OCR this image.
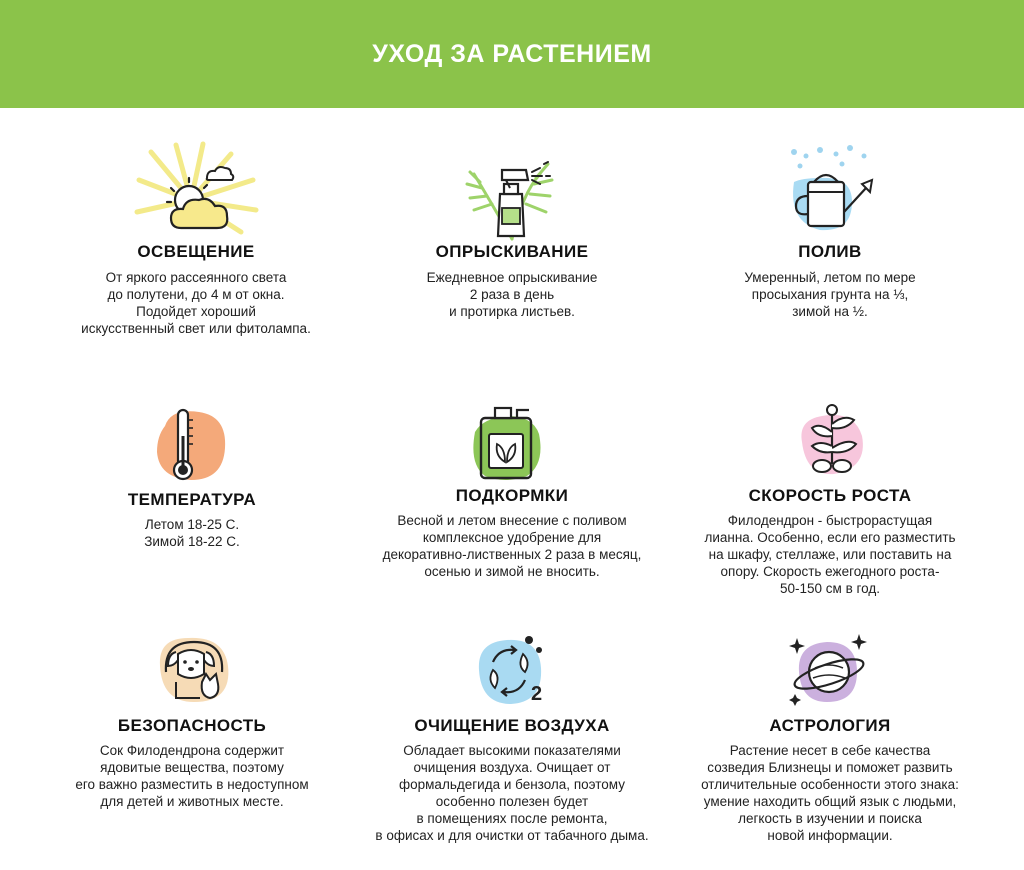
УХОД ЗА РАСТЕНИЕМ
ОСВЕЩЕНИЕ
От яркого рассеянного света
до полутени, до 4 м от окна.
Подойдет хороший
искусственный свет или фитолампа.
ОПРЫСКИВАНИЕ
Ежедневное опрыскивание
2 раза в день
и протирка листьев.
ПОЛИВ
Умеренный, летом по мере
просыхания грунта на ⅓,
зимой на ½.
ТЕМПЕРАТУРА
Летом 18-25 С.
Зимой 18-22 С.
ПОДКОРМКИ
Весной и летом внесение с поливом
комплексное удобрение для
декоративно-лиственных 2 раза в месяц,
осенью и зимой не вносить.
СКОРОСТЬ РОСТА
Филодендрон - быстрорастущая
лианна. Особенно, если его разместить
на шкафу, стеллаже, или поставить на
опору. Скорость ежегодного роста-
50-150 см в год.
БЕЗОПАСНОСТЬ
Сок Филодендрона содержит
ядовитые вещества, поэтому
его важно разместить в недоступном
для детей и животных месте.
2
ОЧИЩЕНИЕ ВОЗДУХА
Обладает высокими показателями
очищения воздуха. Очищает от
формальдегида и бензола, поэтому
особенно полезен будет
в помещениях после ремонта,
в офисах и для очистки от табачного дыма.
АСТРОЛОГИЯ
Растение несет в себе качества
созведия Близнецы и поможет развить
отличительные особенности этого знака:
умение находить общий язык с людьми,
легкость в изучении и поиска
новой информации.
